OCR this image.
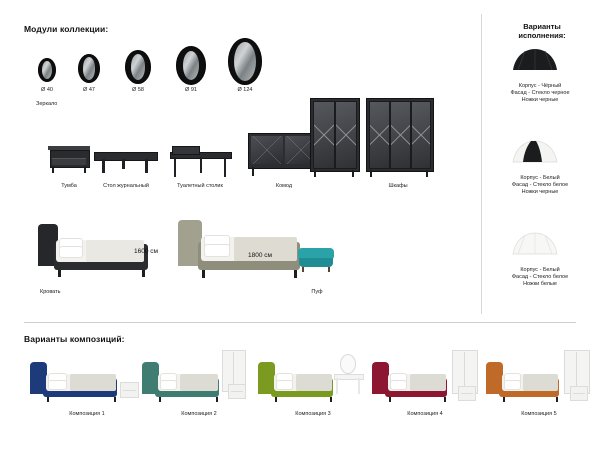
Модули коллекции:	Варианты
исполнения:
Ø 40	Ø 47	Ø 58	Ø 91	Ø 124
Зеркало
Тумба	Стол журнальный	Туалетный столик	Комод	Шкафы
Кровать
1600 см
1800 см
Пуф
Корпус - Чёрный
Фасад - Стекло черное
Ножки черные
Корпус - Белый
Фасад - Стекло белое
Ножки черные
Корпус - Белый
Фасад - Стекло белое
Ножки белые
Варианты композиций:
Композиция 1	Композиция 2	Композиция 3	Композиция 4	Композиция 5
